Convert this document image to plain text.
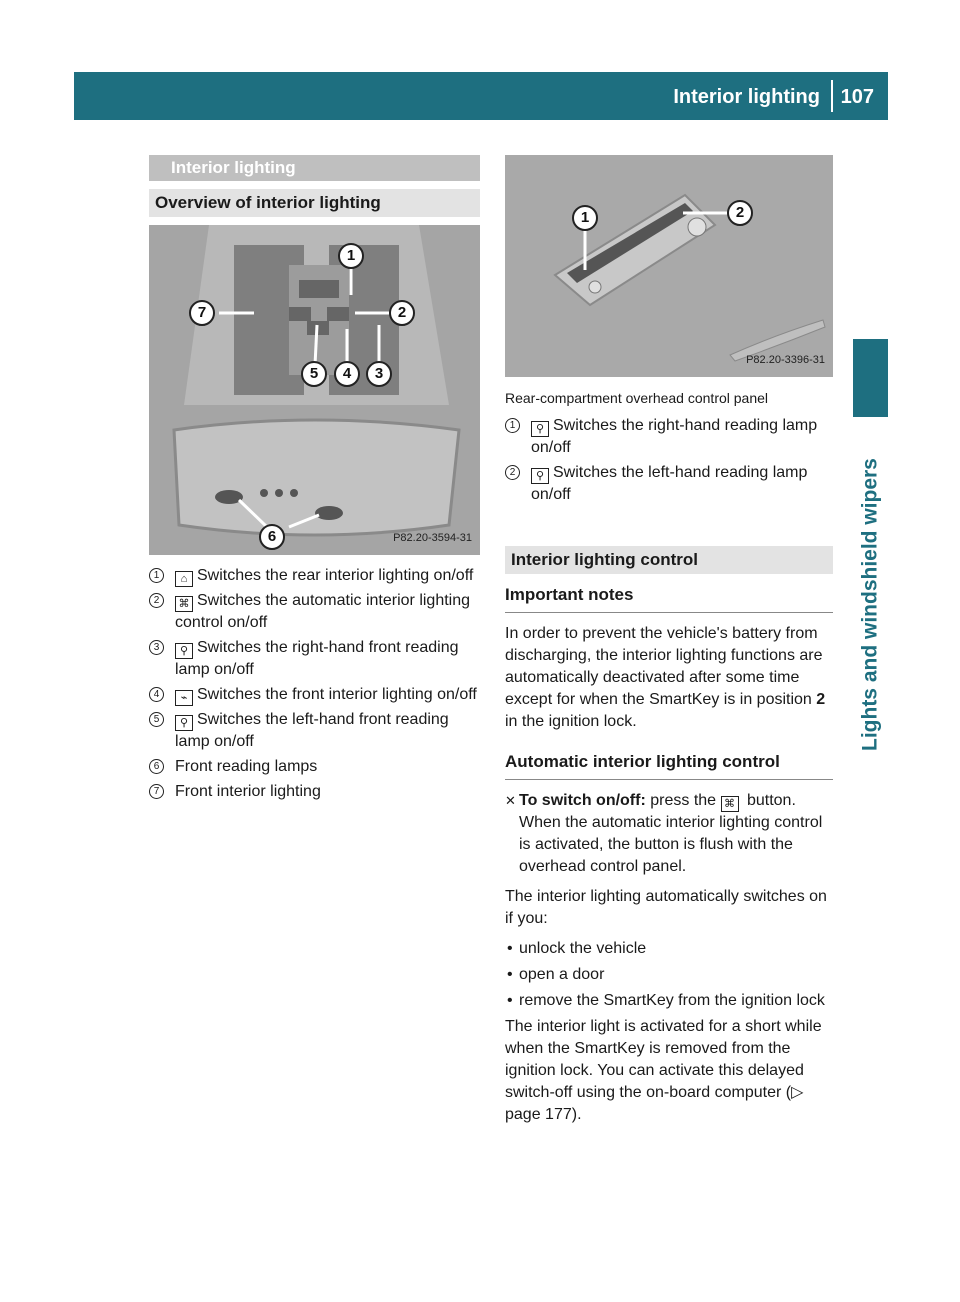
Interior lighting 107
Lights and windshield wipers
Interior lighting
Overview of interior lighting
1
2
3
4
5
6
7
P82.20-3594-31
1	⌂ Switches the rear interior lighting on/off
2	⌘ Switches the automatic interior lighting control on/off
3	⚲ Switches the right-hand front reading lamp on/off
4	⌁ Switches the front interior lighting on/off
5	⚲ Switches the left-hand front reading lamp on/off
6 Front reading lamps
7 Front interior lighting
1	2
P82.20-3396-31
Rear-compartment overhead control panel
1	⚲ Switches the right-hand reading lamp on/off
2	⚲ Switches the left-hand reading lamp on/off
Interior lighting control
Important notes

In order to prevent the vehicle's battery from discharging, the interior lighting functions are automatically deactivated after some time except for when the SmartKey is in position 2 in the ignition lock.

Automatic interior lighting control
✕ To switch on/off: press the ⌘ button.
When the automatic interior lighting control is activated, the button is flush with the overhead control panel.

The interior lighting automatically switches on if you:

• unlock the vehicle
• open a door
• remove the SmartKey from the ignition lock

The interior light is activated for a short while when the SmartKey is removed from the ignition lock. You can activate this delayed switch-off using the on-board computer (▷ page 177).
